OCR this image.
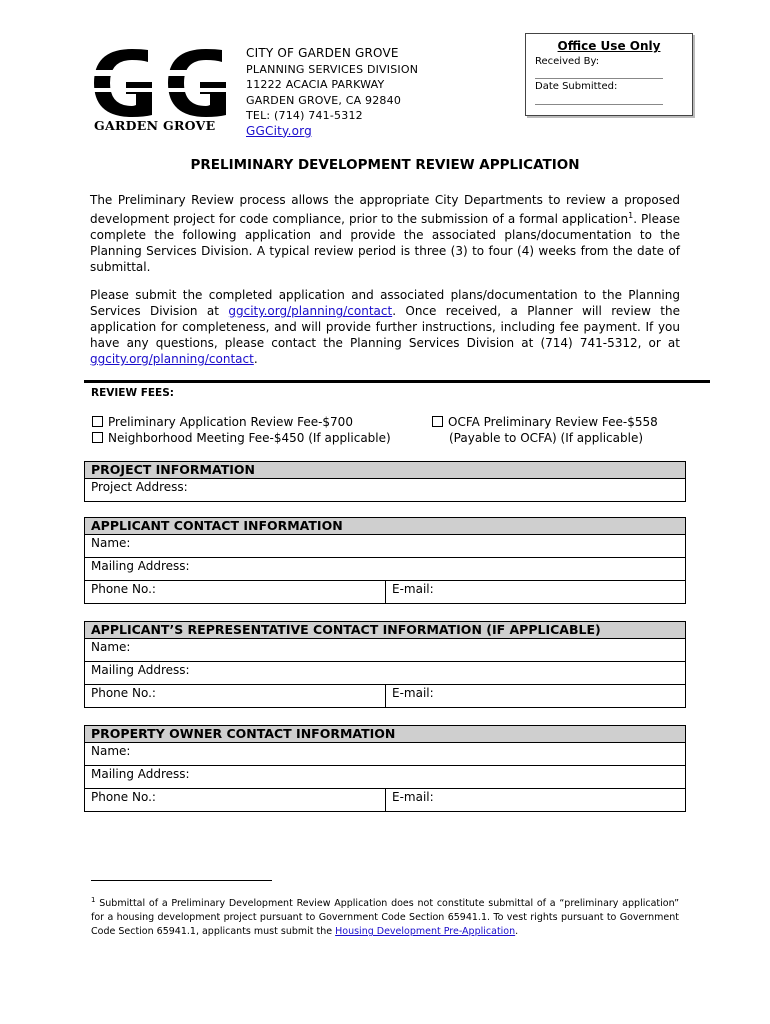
GARDEN GROVE
CITY OF GARDEN GROVE
PLANNING SERVICES DIVISION
11222 ACACIA PARKWAY
GARDEN GROVE, CA 92840
TEL: (714) 741-5312
GGCity.org
Office Use Only
Received By:
Date Submitted:
PRELIMINARY DEVELOPMENT REVIEW APPLICATION
The Preliminary Review process allows the appropriate City Departments to review a proposed development project for code compliance, prior to the submission of a formal application$^1$. Please complete the following application and provide the associated plans/documentation to the Planning Services Division. A typical review period is three (3) to four (4) weeks from the date of submittal.
Please submit the completed application and associated plans/documentation to the Planning Services Division at ggcity.org/planning/contact. Once received, a Planner will review the application for completeness, and will provide further instructions, including fee payment. If you have any questions, please contact the Planning Services Division at (714) 741-5312, or at ggcity.org/planning/contact.
REVIEW FEES:
Preliminary Application Review Fee-$700
Neighborhood Meeting Fee-$450 (If applicable)
OCFA Preliminary Review Fee-$558
(Payable to OCFA) (If applicable)
PROJECT INFORMATION
Project Address:
APPLICANT CONTACT INFORMATION
Name:
Mailing Address:
Phone No.:	E-mail:
APPLICANT’S REPRESENTATIVE CONTACT INFORMATION (IF APPLICABLE)
Name:
Mailing Address:
Phone No.:	E-mail:
PROPERTY OWNER CONTACT INFORMATION
Name:
Mailing Address:
Phone No.:	E-mail:
$^1$ Submittal of a Preliminary Development Review Application does not constitute submittal of a “preliminary application” for a housing development project pursuant to Government Code Section 65941.1. To vest rights pursuant to Government Code Section 65941.1, applicants must submit the Housing Development Pre-Application.
